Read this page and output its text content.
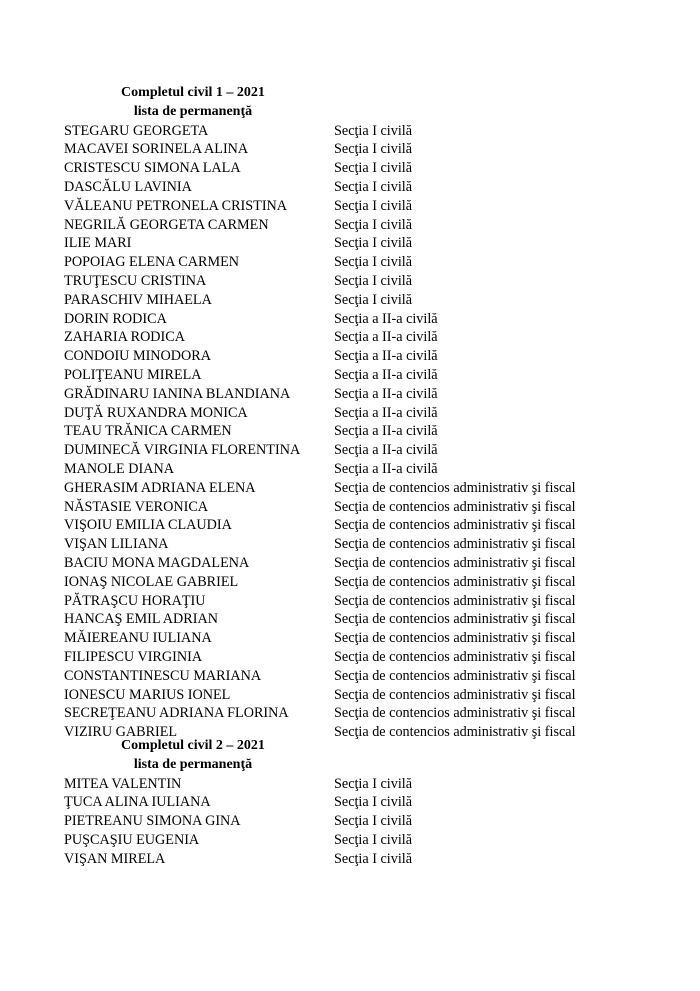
Completul civil 1 – 2021
lista de permanenţă
STEGARU GEORGETA	Secţia I civilă
MACAVEI SORINELA ALINA	Secţia I civilă
CRISTESCU SIMONA LALA	Secţia I civilă
DASCĂLU LAVINIA	Secţia I civilă
VĂLEANU PETRONELA CRISTINA	Secţia I civilă
NEGRILĂ GEORGETA CARMEN	Secţia I civilă
ILIE MARI	Secţia I civilă
POPOIAG ELENA CARMEN	Secţia I civilă
TRUŢESCU CRISTINA	Secţia I civilă
PARASCHIV MIHAELA	Secţia I civilă
DORIN RODICA	Secţia a II-a civilă
ZAHARIA RODICA	Secţia a II-a civilă
CONDOIU MINODORA	Secţia a II-a civilă
POLIŢEANU MIRELA	Secţia a II-a civilă
GRĂDINARU IANINA BLANDIANA	Secţia a II-a civilă
DUŢĂ RUXANDRA MONICA	Secţia a II-a civilă
TEAU TRĂNICA CARMEN	Secţia a II-a civilă
DUMINECĂ VIRGINIA FLORENTINA Secţia a II-a civilă
MANOLE DIANA	Secţia a II-a civilă
GHERASIM ADRIANA ELENA	Secţia de contencios administrativ şi fiscal
NĂSTASIE VERONICA	Secţia de contencios administrativ şi fiscal
VIŞOIU EMILIA CLAUDIA	Secţia de contencios administrativ şi fiscal
VIŞAN LILIANA	Secţia de contencios administrativ şi fiscal
BACIU MONA MAGDALENA	Secţia de contencios administrativ şi fiscal
IONAŞ NICOLAE GABRIEL	Secţia de contencios administrativ şi fiscal
PĂTRAŞCU HORAŢIU	Secţia de contencios administrativ şi fiscal
HANCAŞ EMIL ADRIAN	Secţia de contencios administrativ şi fiscal
MĂIEREANU IULIANA	Secţia de contencios administrativ şi fiscal
FILIPESCU VIRGINIA	Secţia de contencios administrativ şi fiscal
CONSTANTINESCU MARIANA	Secţia de contencios administrativ şi fiscal
IONESCU MARIUS IONEL	Secţia de contencios administrativ şi fiscal
SECREŢEANU ADRIANA FLORINA	Secţia de contencios administrativ şi fiscal
VIZIRU GABRIEL	Secţia de contencios administrativ şi fiscal
Completul civil 2 – 2021
lista de permanenţă
MITEA VALENTIN	Secţia I civilă
ŢUCA ALINA IULIANA	Secţia I civilă
PIETREANU SIMONA GINA	Secţia I civilă
PUŞCAŞIU EUGENIA	Secţia I civilă
VIŞAN MIRELA	Secţia I civilă
